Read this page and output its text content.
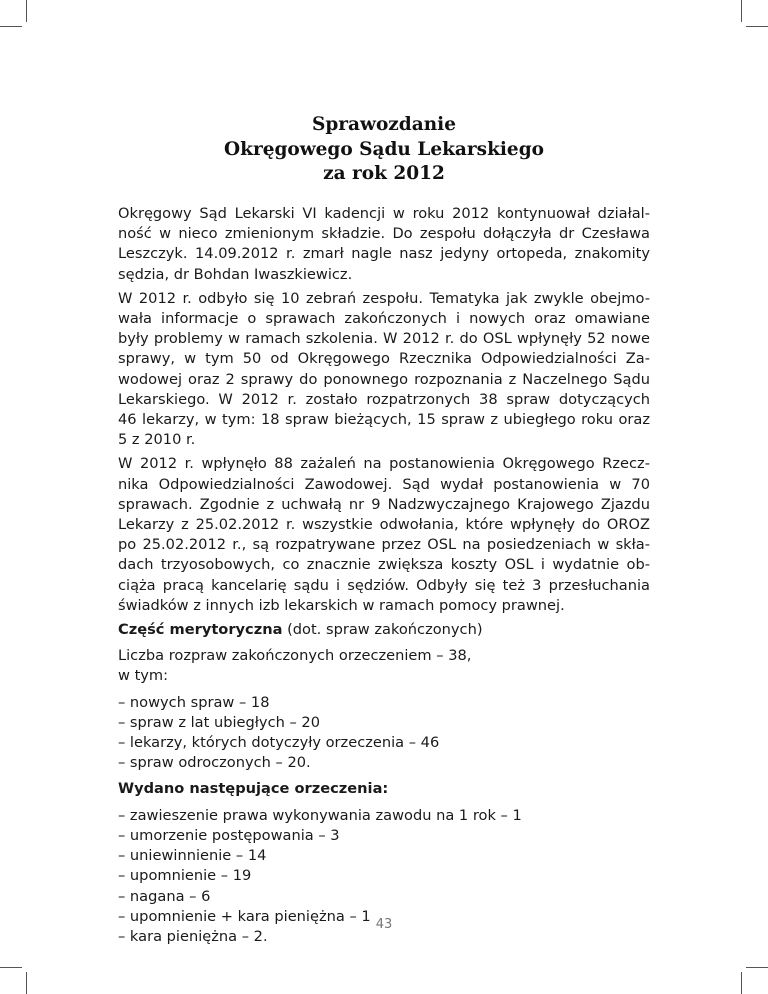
Sprawozdanie
Okręgowego Sądu Lekarskiego
za rok 2012
Okręgowy Sąd Lekarski VI kadencji w roku 2012 kontynuował działal-
ność w nieco zmienionym składzie. Do zespołu dołączyła dr Czesława
Leszczyk. 14.09.2012 r. zmarł nagle nasz jedyny ortopeda, znakomity
sędzia, dr Bohdan Iwaszkiewicz.
W 2012 r. odbyło się 10 zebrań zespołu. Tematyka jak zwykle obejmo-
wała informacje o sprawach zakończonych i nowych oraz omawiane
były problemy w ramach szkolenia. W 2012 r. do OSL wpłynęły 52 nowe
sprawy, w tym 50 od Okręgowego Rzecznika Odpowiedzialności Za-
wodowej oraz 2 sprawy do ponownego rozpoznania z Naczelnego Sądu
Lekarskiego. W 2012 r. zostało rozpatrzonych 38 spraw dotyczących
46 lekarzy, w tym: 18 spraw bieżących, 15 spraw z ubiegłego roku oraz
5 z 2010 r.
W 2012 r. wpłynęło 88 zażaleń na postanowienia Okręgowego Rzecz-
nika Odpowiedzialności Zawodowej. Sąd wydał postanowienia w 70
sprawach. Zgodnie z uchwałą nr 9 Nadzwyczajnego Krajowego Zjazdu
Lekarzy z 25.02.2012 r. wszystkie odwołania, które wpłynęły do OROZ
po 25.02.2012 r., są rozpatrywane przez OSL na posiedzeniach w skła-
dach trzyosobowych, co znacznie zwiększa koszty OSL i wydatnie ob-
ciąża pracą kancelarię sądu i sędziów. Odbyły się też 3 przesłuchania
świadków z innych izb lekarskich w ramach pomocy prawnej.
Część merytoryczna (dot. spraw zakończonych)
Liczba rozpraw zakończonych orzeczeniem – 38,
w tym:
– nowych spraw – 18
– spraw z lat ubiegłych – 20
– lekarzy, których dotyczyły orzeczenia – 46
– spraw odroczonych – 20.
Wydano następujące orzeczenia:
– zawieszenie prawa wykonywania zawodu na 1 rok – 1
– umorzenie postępowania – 3
– uniewinnienie – 14
– upomnienie – 19
– nagana – 6
– upomnienie + kara pieniężna – 1
– kara pieniężna – 2.
43
